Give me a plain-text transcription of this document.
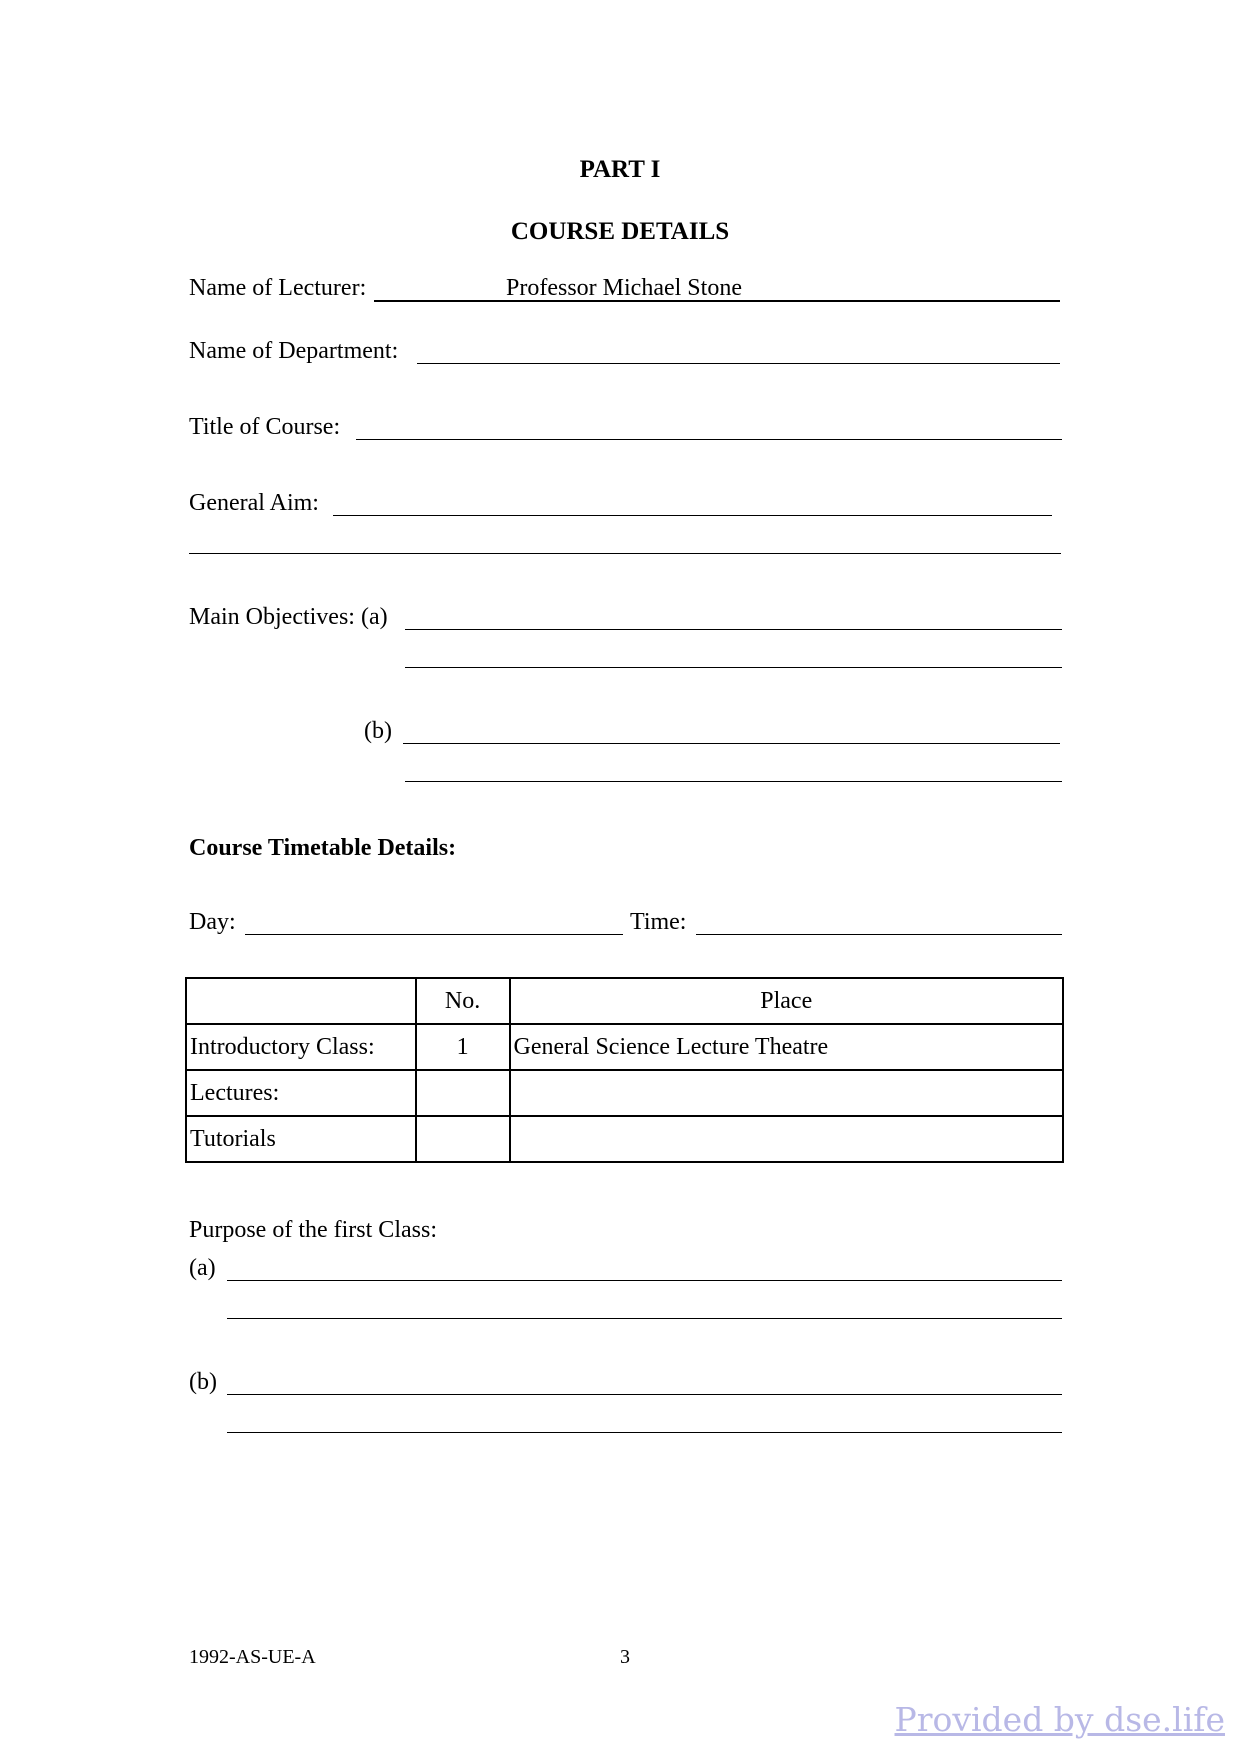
PART I
COURSE DETAILS
Name of Lecturer:	Professor Michael Stone
Name of Department:
Title of Course:
General Aim:
Main Objectives: (a)
(b)
Course Timetable Details:
Day:	Time:
	No.	Place
Introductory Class:	1	General Science Lecture Theatre
Lectures:		
Tutorials		
Purpose of the first Class:
(a)
(b)
1992-AS-UE-A	3
Provided by dse.life
